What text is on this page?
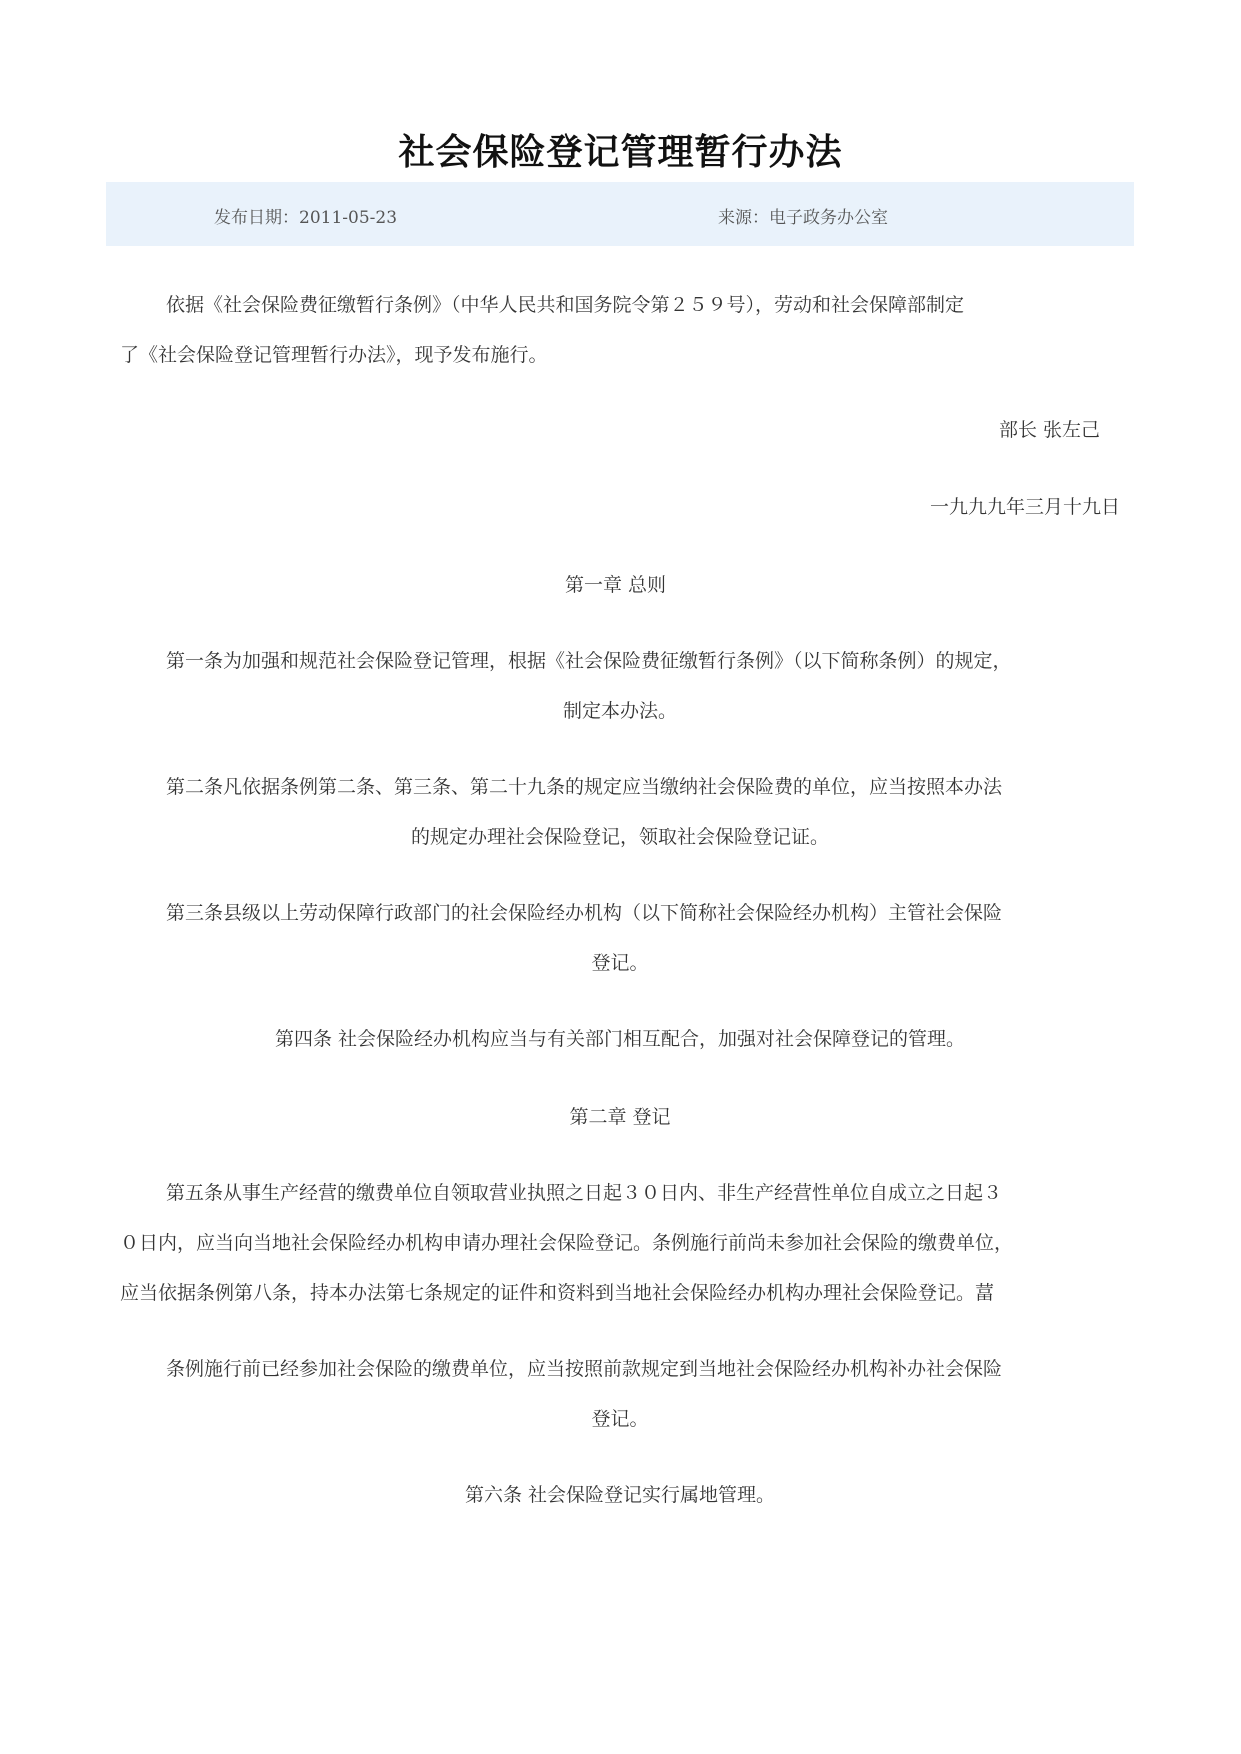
社会保险登记管理暂行办法
发布日期：2011-05-23	来源：电子政务办公室

依据《社会保险费征缴暂行条例》（中华人民共和国务院令第２５９号），劳动和社会保障部制定
了《社会保险登记管理暂行办法》，现予发布施行。

部长 张左己

一九九九年三月十九日

第一章 总则

第一条为加强和规范社会保险登记管理，根据《社会保险费征缴暂行条例》（以下简称条例）的规定，
制定本办法。

第二条凡依据条例第二条、第三条、第二十九条的规定应当缴纳社会保险费的单位，应当按照本办法
的规定办理社会保险登记，领取社会保险登记证。

第三条县级以上劳动保障行政部门的社会保险经办机构（以下简称社会保险经办机构）主管社会保险
登记。

第四条 社会保险经办机构应当与有关部门相互配合，加强对社会保障登记的管理。

第二章 登记

第五条从事生产经营的缴费单位自领取营业执照之日起３０日内、非生产经营性单位自成立之日起３
０日内，应当向当地社会保险经办机构申请办理社会保险登记。条例施行前尚未参加社会保险的缴费单位，
应当依据条例第八条，持本办法第七条规定的证件和资料到当地社会保险经办机构办理社会保险登记。葍

条例施行前已经参加社会保险的缴费单位，应当按照前款规定到当地社会保险经办机构补办社会保险
登记。

第六条 社会保险登记实行属地管理。
